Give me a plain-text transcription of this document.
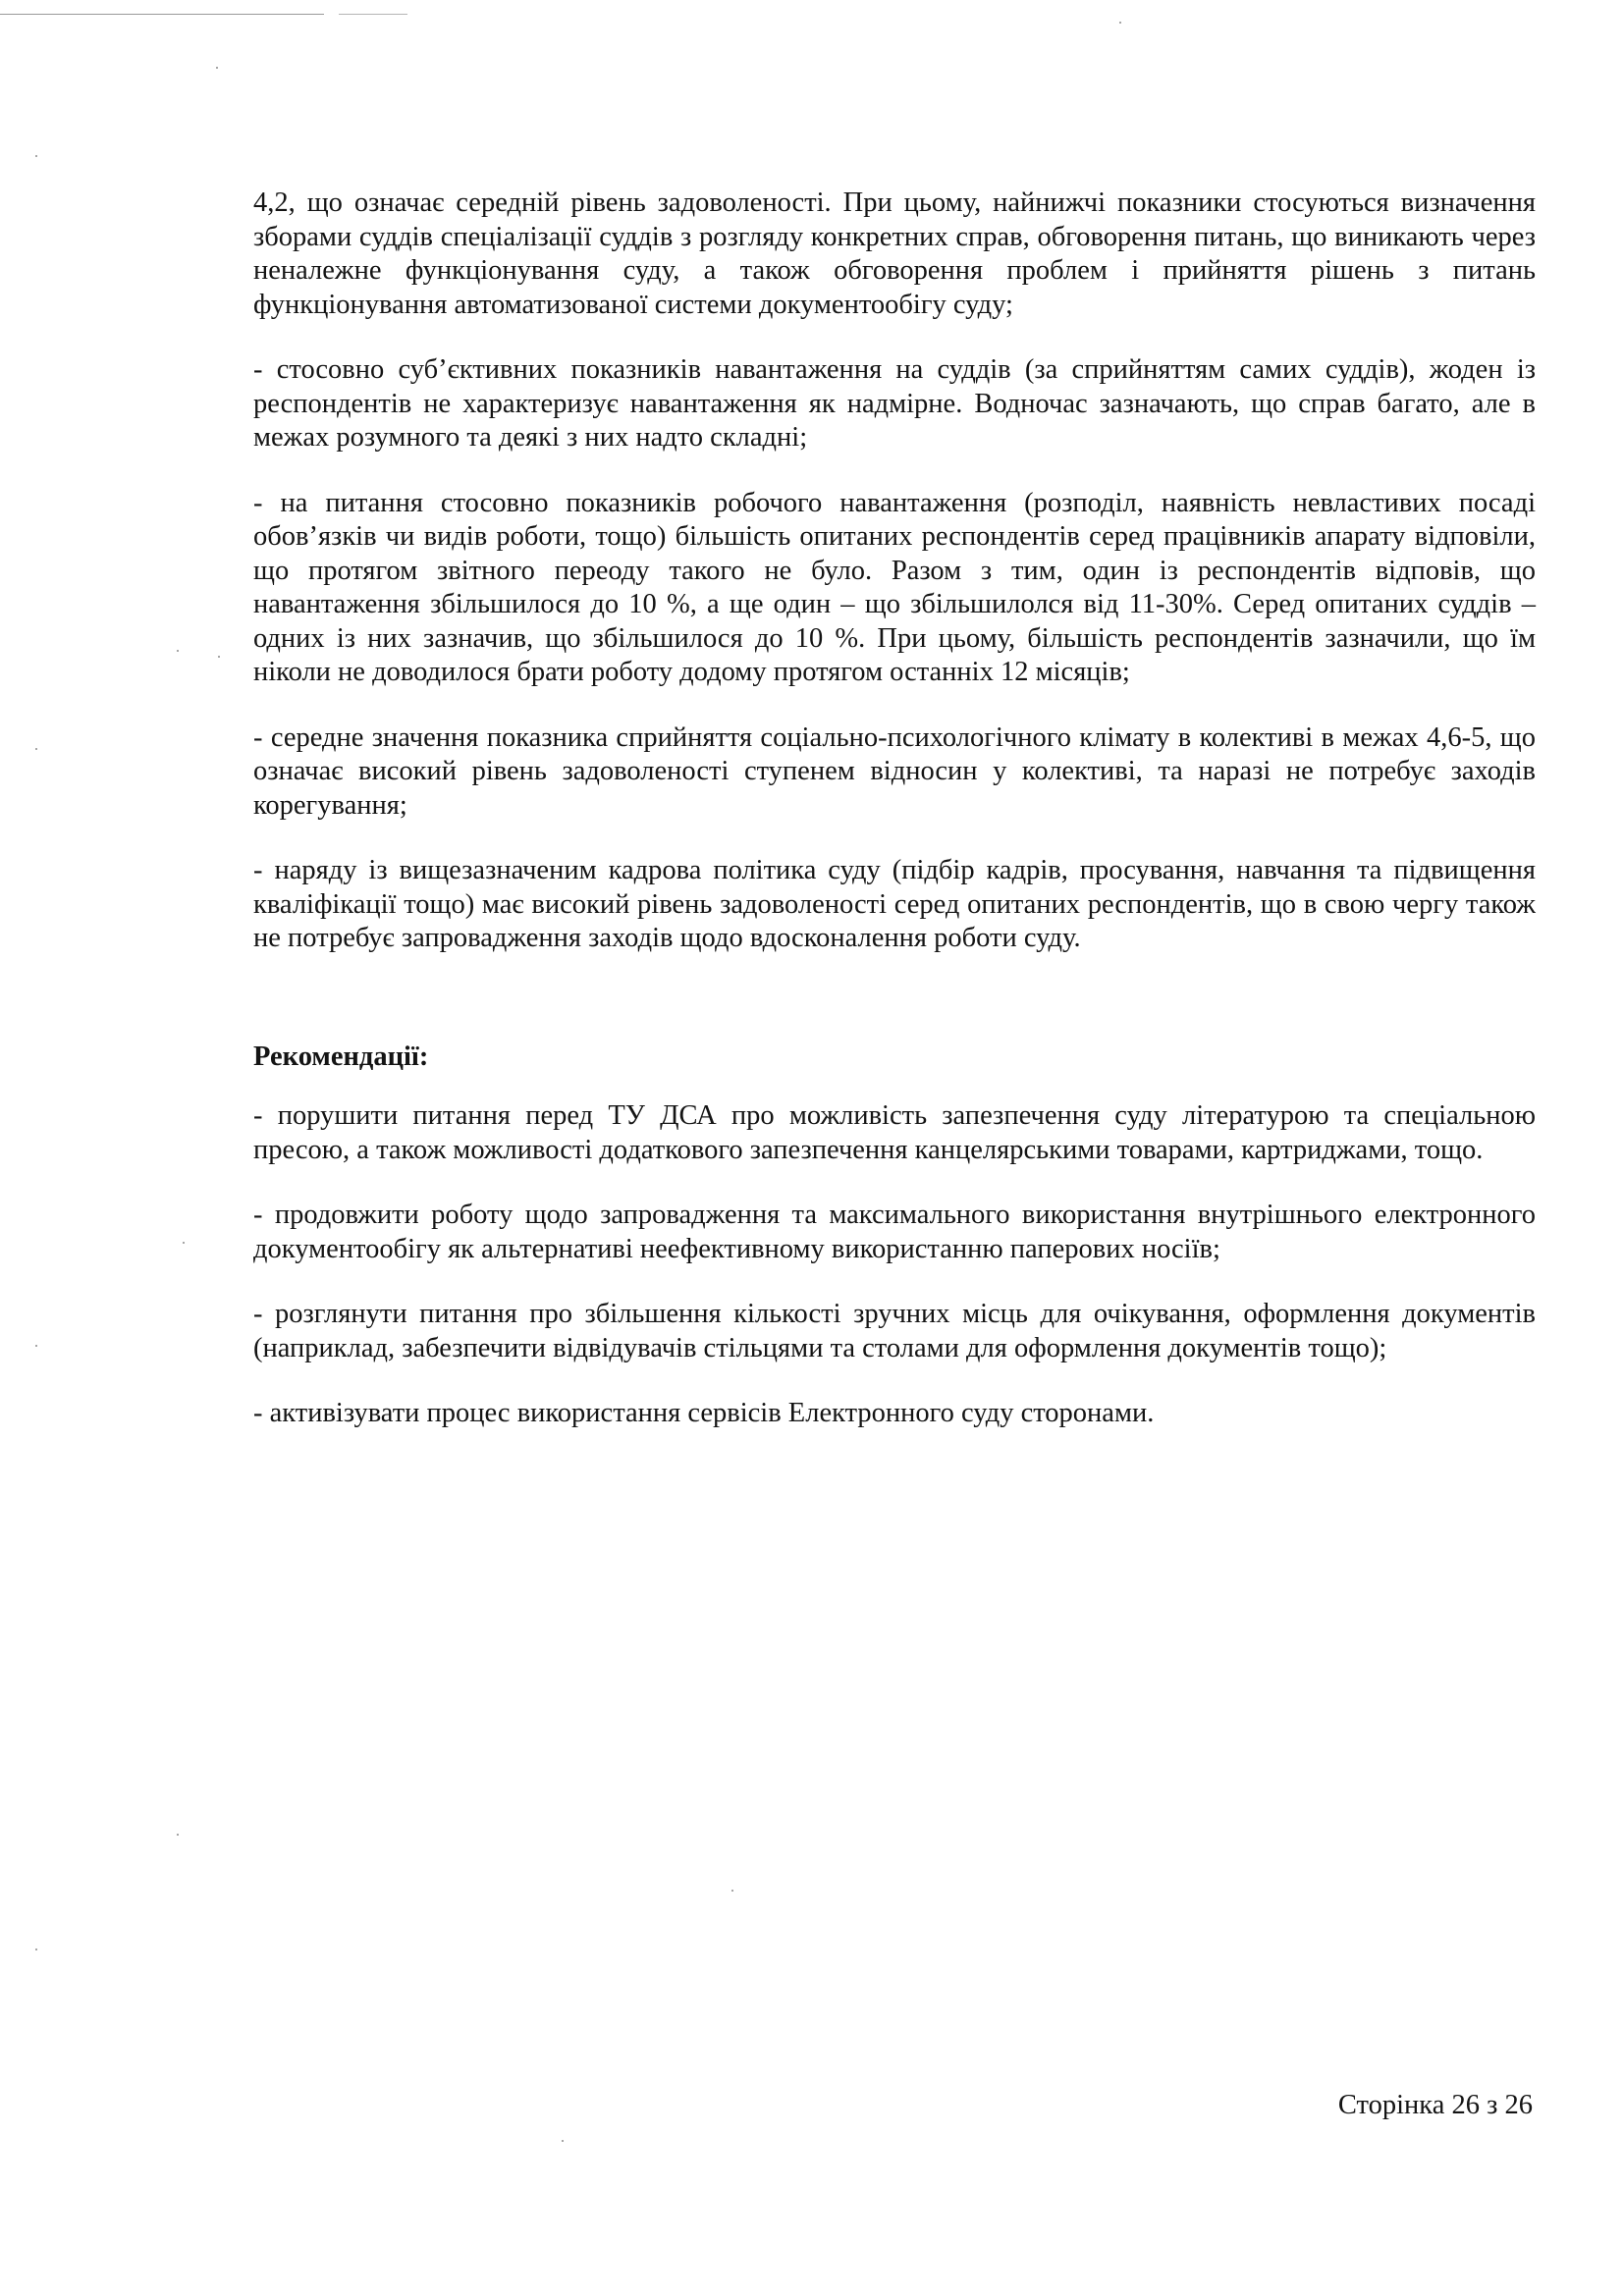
4,2, що означає середній рівень задоволеності. При цьому, найнижчі показники стосуються визначення зборами суддів спеціалізації суддів з розгляду конкретних справ, обговорення питань, що виникають через неналежне функціонування суду, а також обговорення проблем і прийняття рішень з питань функціонування автоматизованої системи документообігу суду;

- стосовно суб’єктивних показників навантаження на суддів (за сприйняттям самих суддів), жоден із респондентів не характеризує навантаження як надмірне. Водночас зазначають, що справ багато, але в межах розумного та деякі з них надто складні;

- на питання стосовно показників робочого навантаження (розподіл, наявність невластивих посаді обов’язків чи видів роботи, тощо) більшість опитаних респондентів серед працівників апарату відповіли, що протягом звітного переоду такого не було. Разом з тим, один із респондентів відповів, що навантаження збільшилося до 10 %, а ще один – що збільшилолся від 11-30%. Серед опитаних суддів – одних із них зазначив, що збільшилося до 10 %. При цьому, більшість респондентів зазначили, що їм ніколи не доводилося брати роботу додому протягом останніх 12 місяців;

- середне значення показника сприйняття соціально-психологічного клімату в колективі в межах 4,6-5, що означає високий рівень задоволеності ступенем відносин у колективі, та наразі не потребує заходів корегування;

- наряду із вищезазначеним кадрова політика суду (підбір кадрів, просування, навчання та підвищення кваліфікації тощо) має високий рівень задоволеності серед опитаних респондентів, що в свою чергу також не потребує запровадження заходів щодо вдосконалення роботи суду.

Рекомендації:

- порушити питання перед ТУ ДСА про можливість запезпечення суду літературою та спеціальною пресою, а також можливості додаткового запезпечення канцелярськими товарами, картриджами, тощо.

- продовжити роботу щодо запровадження та максимального використання внутрішнього електронного документообігу як альтернативі неефективному використанню паперових носіїв;

- розглянути питання про збільшення кількості зручних місць для очікування, оформлення документів (наприклад, забезпечити відвідувачів стільцями та столами для оформлення документів тощо);

- активізувати процес використання сервісів Електронного суду сторонами.

Сторінка 26 з 26
